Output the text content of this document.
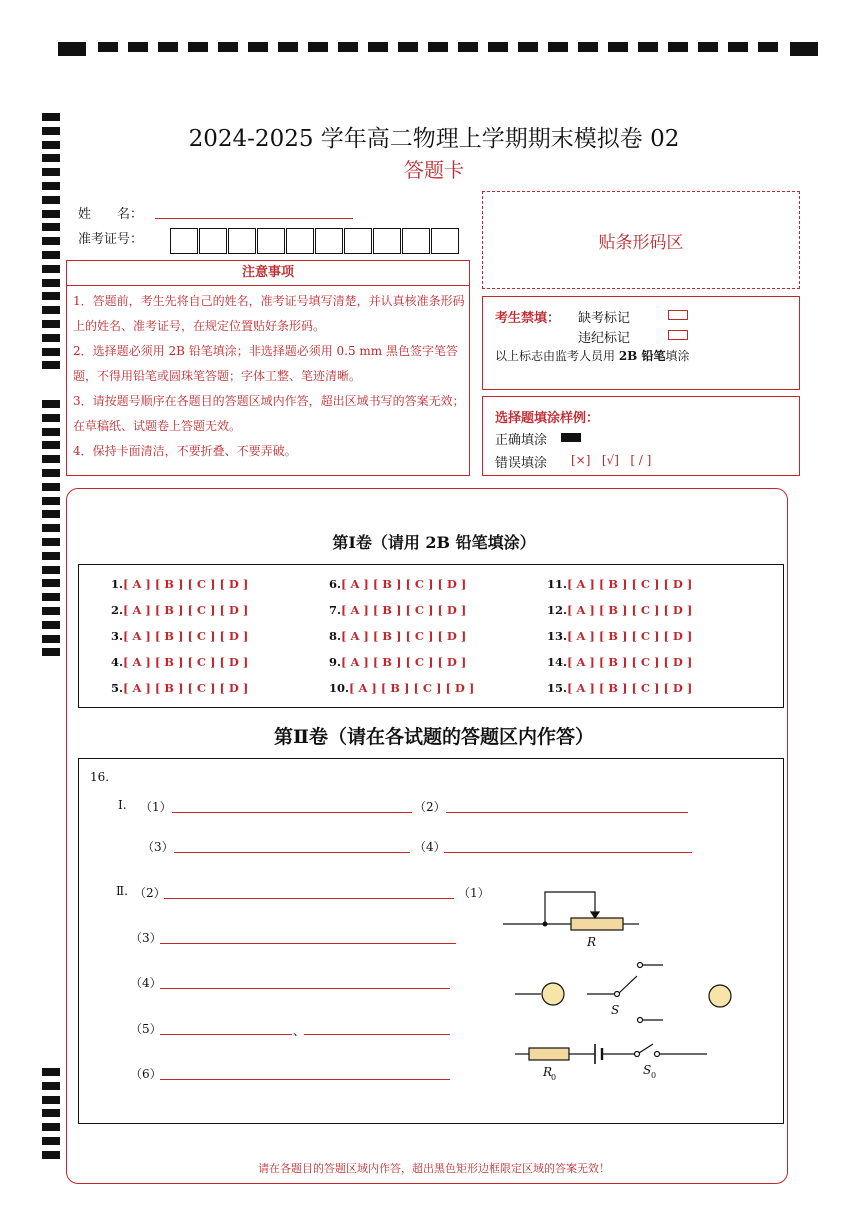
2024-2025 学年高二物理上学期期末模拟卷 02
答题卡
姓　　名：
准考证号：	贴条形码区
注意事项
1．答题前，考生先将自己的姓名，准考证号填写清楚，并认真核准条形码上的姓名、准考证号，在规定位置贴好条形码。
2．选择题必须用 2B 铅笔填涂；非选择题必须用 0.5 mm 黑色签字笔答题，不得用铅笔或圆珠笔答题；字体工整、笔迹清晰。
3．请按题号顺序在各题目的答题区域内作答，超出区域书写的答案无效；在草稿纸、试题卷上答题无效。
4．保持卡面清洁，不要折叠、不要弄破。
考生禁填： 缺考标记
违纪标记
以上标志由监考人员用 2B 铅笔填涂
选择题填涂样例：
正确填涂
错误填涂 [×]   [√]   [ / ]
第Ⅰ卷（请用 2B 铅笔填涂）
1.[ A ] [ B ] [ C ] [ D ]
2.[ A ] [ B ] [ C ] [ D ]
3.[ A ] [ B ] [ C ] [ D ]
4.[ A ] [ B ] [ C ] [ D ]
5.[ A ] [ B ] [ C ] [ D ]
6.[ A ] [ B ] [ C ] [ D ]
7.[ A ] [ B ] [ C ] [ D ]
8.[ A ] [ B ] [ C ] [ D ]
9.[ A ] [ B ] [ C ] [ D ]
10.[ A ] [ B ] [ C ] [ D ]
11.[ A ] [ B ] [ C ] [ D ]
12.[ A ] [ B ] [ C ] [ D ]
13.[ A ] [ B ] [ C ] [ D ]
14.[ A ] [ B ] [ C ] [ D ]
15.[ A ] [ B ] [ C ] [ D ]
第Ⅱ卷（请在各试题的答题区内作答）
16.
Ⅰ. （1）	（2）
（3）	（4）
Ⅱ. （2）	（1）
（3）
（4）
（5）	、
（6）
R
S
R
0
S 0
请在各题目的答题区域内作答，超出黑色矩形边框限定区域的答案无效！
